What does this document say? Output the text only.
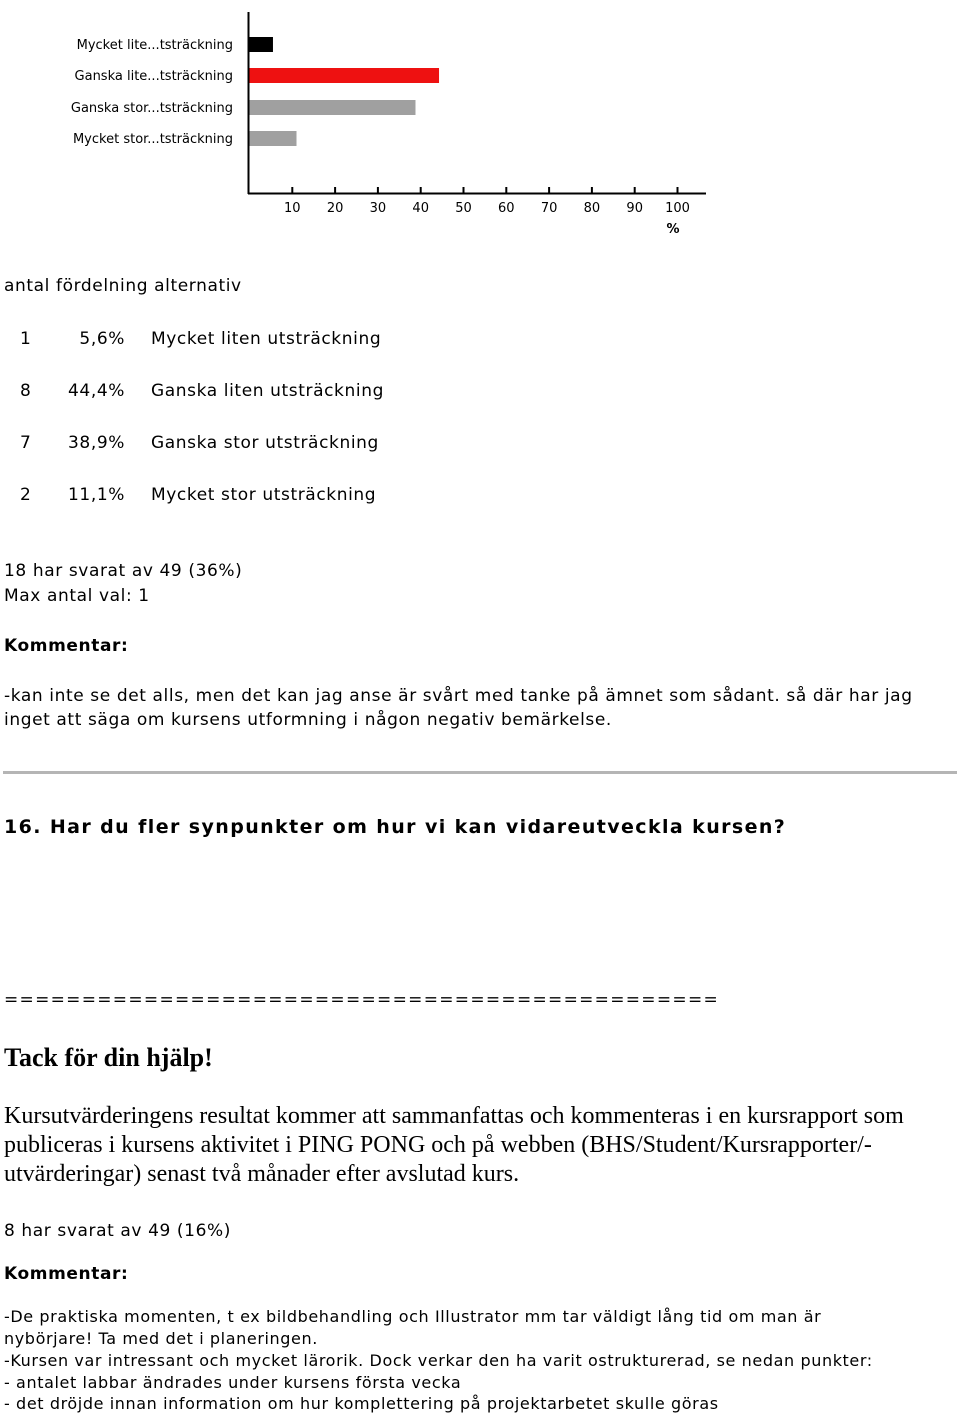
Mycket lite...tsträckning
Ganska lite...tsträckning
Ganska stor...tsträckning
Mycket stor...tsträckning
10 20 30 40 50 60 70 80 90 100
%
antal fördelning alternativ
1	5,6% Mycket liten utsträckning
8 44,4% Ganska liten utsträckning
7 38,9% Ganska stor utsträckning
2 11,1% Mycket stor utsträckning
18 har svarat av 49 (36%)
Max antal val: 1
Kommentar:
-kan inte se det alls, men det kan jag anse är svårt med tanke på ämnet som sådant. så där har jag
inget att säga om kursens utformning i någon negativ bemärkelse.
16. Har du fler synpunkter om hur vi kan vidareutveckla kursen?
==============================================
Tack för din hjälp!
Kursutvärderingens resultat kommer att sammanfattas och kommenteras i en kursrapport som
publiceras i kursens aktivitet i PING PONG och på webben (BHS/Student/Kursrapporter/-
utvärderingar) senast två månader efter avslutad kurs.
8 har svarat av 49 (16%)
Kommentar:
-De praktiska momenten, t ex bildbehandling och Illustrator mm tar väldigt lång tid om man är
nybörjare! Ta med det i planeringen.
-Kursen var intressant och mycket lärorik. Dock verkar den ha varit ostrukturerad, se nedan punkter:
- antalet labbar ändrades under kursens första vecka
- det dröjde innan information om hur komplettering på projektarbetet skulle göras
